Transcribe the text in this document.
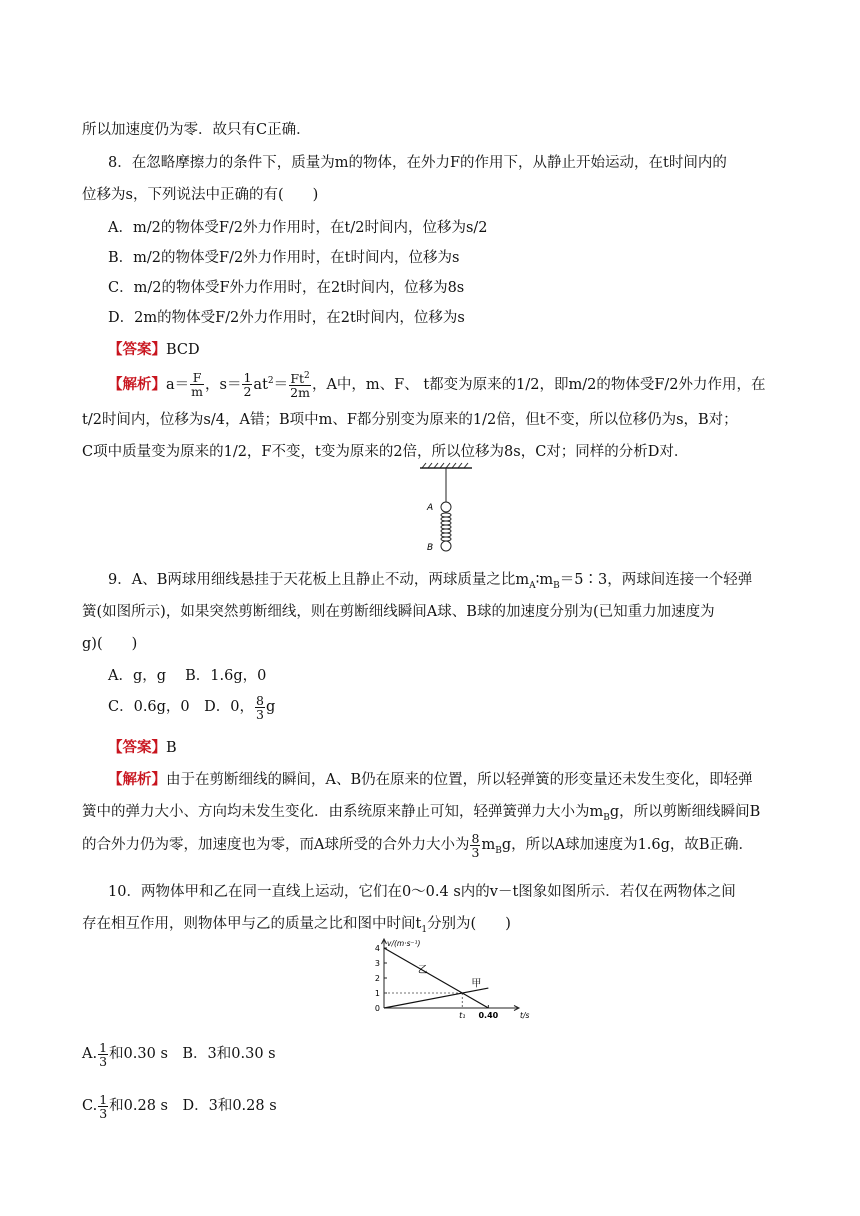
所以加速度仍为零．故只有C正确．
8．在忽略摩擦力的条件下，质量为m的物体，在外力F的作用下，从静止开始运动，在t时间内的
位移为s，下列说法中正确的有(　　)
A．m/2的物体受F/2外力作用时，在t/2时间内，位移为s/2
B．m/2的物体受F/2外力作用时，在t时间内，位移为s
C．m/2的物体受F外力作用时，在2t时间内，位移为8s
D．2m的物体受F/2外力作用时，在2t时间内，位移为s
【答案】BCD
【解析】$a= \frac{F}{m}$ ，$s= \frac{1}{2} at^2= \frac{Ft^2}{2m}$ ，A中，m、F、 t都变为原来的1/2，即m/2的物体受F/2外力作用，在
t/2时间内，位移为s/4，A错；B项中m、F都分别变为原来的1/2倍，但t不变，所以位移仍为s，B对；
C项中质量变为原来的1/2，F不变，t变为原来的2倍，所以位移为8s，C对；同样的分析D对．
A
B
9．A、B两球用细线悬挂于天花板上且静止不动，两球质量之比$m_A∶m_B=5∶3$，两球间连接一个轻弹
簧(如图所示)，如果突然剪断细线，则在剪断细线瞬间A球、B球的加速度分别为(已知重力加速度为
g)(　　)
A．g，g　 B．1.6g，0
C．0.6g，0　D．0， $\frac{8}{3}$ g
【答案】B
【解析】由于在剪断细线的瞬间，A、B仍在原来的位置，所以轻弹簧的形变量还未发生变化，即轻弹
簧中的弹力大小、方向均未发生变化．由系统原来静止可知，轻弹簧弹力大小为$m_Bg$，所以剪断细线瞬间B
的合外力仍为零，加速度也为零，而A球所受的合外力大小为 $\frac{8}{3} m_Bg$，所以A球加速度为1.6g，故B正确．
10．两物体甲和乙在同一直线上运动，它们在0～0.4 s内的v－t图象如图所示．若仅在两物体之间
存在相互作用，则物体甲与乙的质量之比和图中时间$t_1$分别为(　　)
0
1
2
3
4
v/(m·s⁻¹)
t/s
t₁ 0.40
乙
甲
A. $\frac{1}{3}$ 和0.30 s　B．3和0.30 s
C. $\frac{1}{3}$ 和0.28 s　D．3和0.28 s
